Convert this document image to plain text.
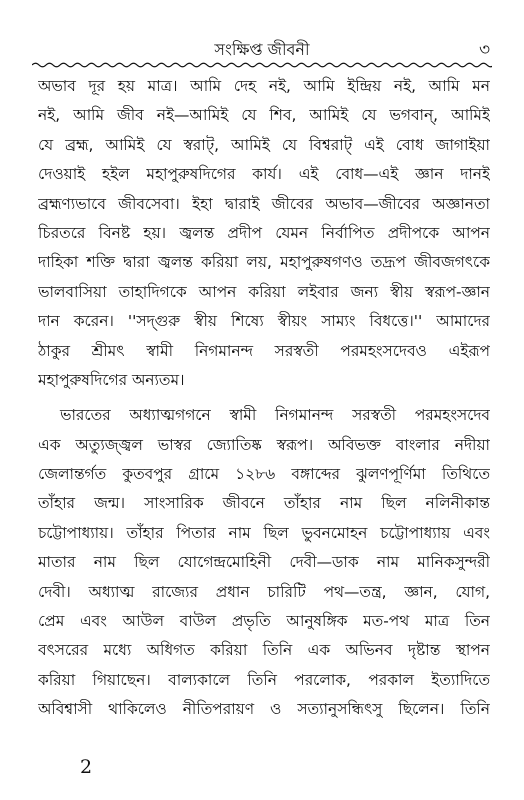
সংক্ষিপ্ত জীবনী	৩
অভাব দূর হয় মাত্র। আমি দেহ নই, আমি ইন্দ্রিয় নই, আমি মন
নই, আমি জীব নই—আমিই যে শিব, আমিই যে ভগবান্, আমিই
যে ব্রহ্ম, আমিই যে স্বরাট্, আমিই যে বিশ্বরাট্ এই বোধ জাগাইয়া
দেওয়াই হইল মহাপুরুষদিগের কার্য। এই বোধ—এই জ্ঞান দানই
ব্রহ্মণ্যভাবে জীবসেবা। ইহা দ্বারাই জীবের অভাব—জীবের অজ্ঞানতা
চিরতরে বিনষ্ট হয়। জ্বলন্ত প্রদীপ যেমন নির্বাপিত প্রদীপকে আপন
দাহিকা শক্তি দ্বারা জ্বলন্ত করিয়া লয়, মহাপুরুষগণও তদ্রূপ জীবজগৎকে
ভালবাসিয়া তাহাদিগকে আপন করিয়া লইবার জন্য স্বীয় স্বরূপ-জ্ঞান
দান করেন। ''সদ্গুরু স্বীয় শিষ্যে স্বীয়ং সাম্যং বিধত্তে।'' আমাদের
ঠাকুর শ্রীমৎ স্বামী নিগমানন্দ সরস্বতী পরমহংসদেবও এইরূপ
মহাপুরুষদিগের অন্যতম।
ভারতের অধ্যাত্মগগনে স্বামী নিগমানন্দ সরস্বতী পরমহংসদেব
এক অত্যুজ্জ্বল ভাস্বর জ্যোতিষ্ক স্বরূপ। অবিভক্ত বাংলার নদীয়া
জেলান্তর্গত কুতবপুর গ্রামে ১২৮৬ বঙ্গাব্দের ঝুলণপূর্ণিমা তিথিতে
তাঁহার জন্ম। সাংসারিক জীবনে তাঁহার নাম ছিল নলিনীকান্ত
চট্টোপাধ্যায়। তাঁহার পিতার নাম ছিল ভুবনমোহন চট্টোপাধ্যায় এবং
মাতার নাম ছিল যোগেন্দ্রমোহিনী দেবী—ডাক নাম মানিকসুন্দরী
দেবী। অধ্যাত্ম রাজ্যের প্রধান চারিটি পথ—তন্ত্র, জ্ঞান, যোগ,
প্রেম এবং আউল বাউল প্রভৃতি আনুষঙ্গিক মত-পথ মাত্র তিন
বৎসরের মধ্যে অধিগত করিয়া তিনি এক অভিনব দৃষ্টান্ত স্থাপন
করিয়া গিয়াছেন। বাল্যকালে তিনি পরলোক, পরকাল ইত্যাদিতে
অবিশ্বাসী থাকিলেও নীতিপরায়ণ ও সত্যানুসন্ধিৎসু ছিলেন। তিনি
2
